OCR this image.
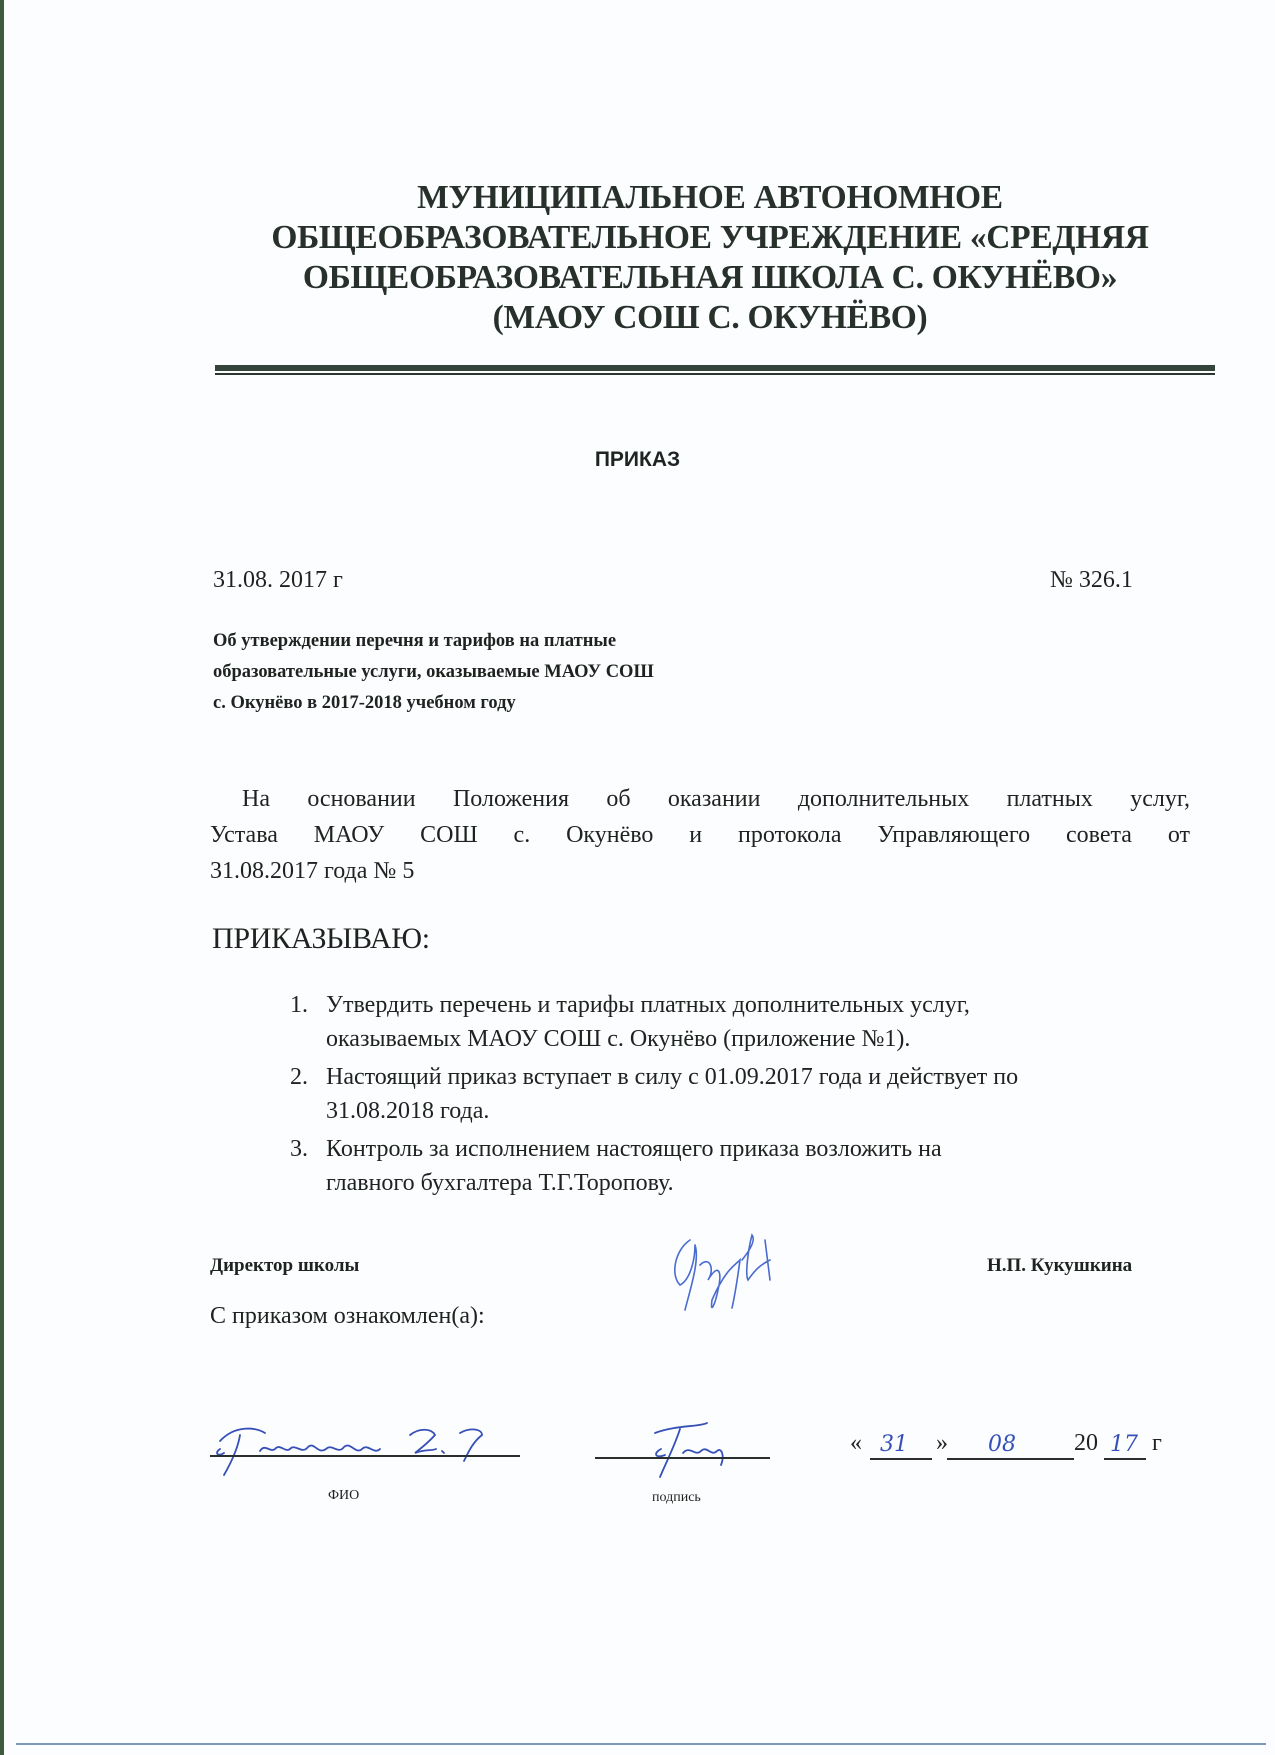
МУНИЦИПАЛЬНОЕ АВТОНОМНОЕ
ОБЩЕОБРАЗОВАТЕЛЬНОЕ УЧРЕЖДЕНИЕ «СРЕДНЯЯ
ОБЩЕОБРАЗОВАТЕЛЬНАЯ ШКОЛА С. ОКУНЁВО»
(МАОУ СОШ С. ОКУНЁВО)
ПРИКАЗ
31.08. 2017 г	№ 326.1
Об утверждении перечня и тарифов на платные
образовательные услуги, оказываемые МАОУ СОШ
с. Окунёво в 2017-2018 учебном году
На основании Положения об оказании дополнительных платных услуг,
Устава МАОУ СОШ с. Окунёво и протокола Управляющего совета от
31.08.2017 года № 5
ПРИКАЗЫВАЮ:
1. Утвердить перечень и тарифы платных дополнительных услуг,
оказываемых МАОУ СОШ с. Окунёво (приложение №1).
2. Настоящий приказ вступает в силу с 01.09.2017 года и действует по
31.08.2018 года.
3. Контроль за исполнением настоящего приказа возложить на
главного бухгалтера Т.Г.Торопову.
Директор школы	Н.П. Кукушкина
С приказом ознакомлен(а):
ФИО	подпись
« 31 » 08 20 17 г
